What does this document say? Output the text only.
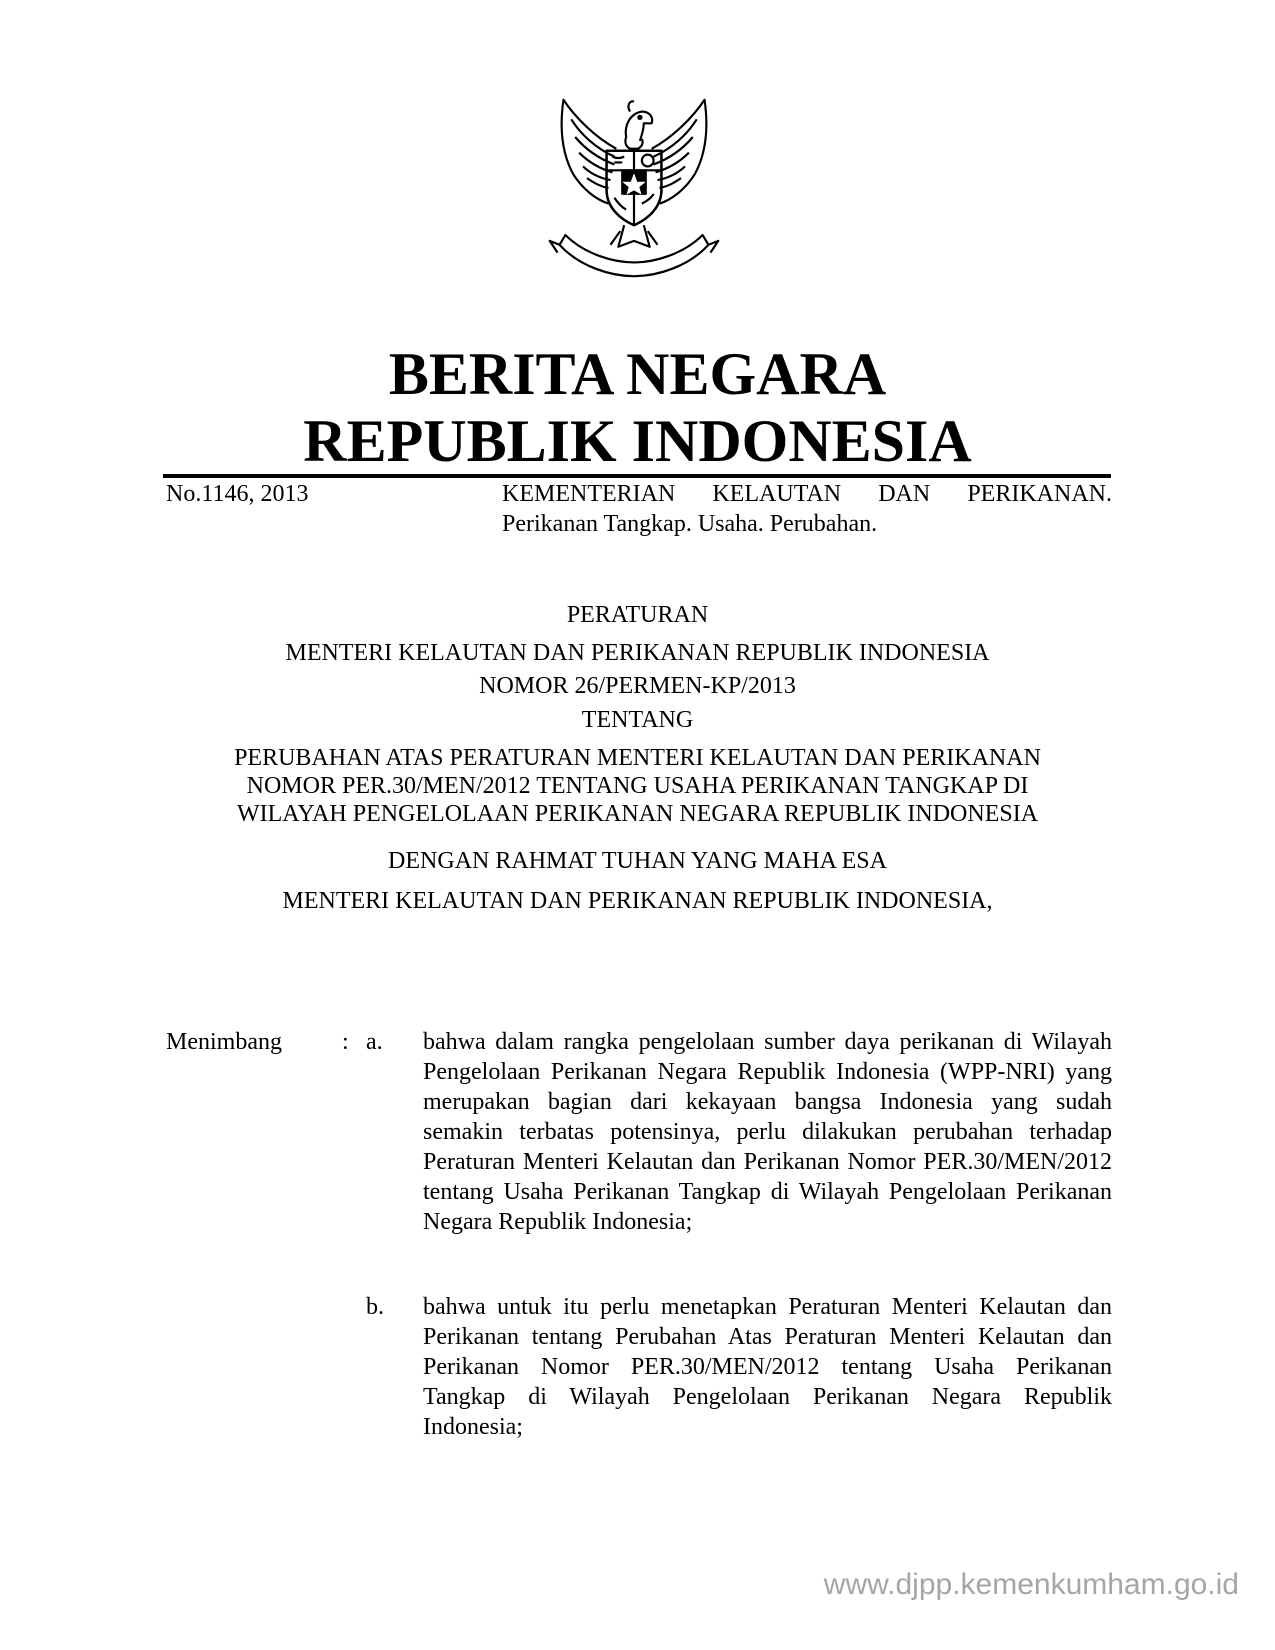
BERITA NEGARA
REPUBLIK INDONESIA
No.1146, 2013	KEMENTERIAN KELAUTAN DAN PERIKANAN.
Perikanan Tangkap. Usaha. Perubahan.
PERATURAN
MENTERI KELAUTAN DAN PERIKANAN REPUBLIK INDONESIA
NOMOR 26/PERMEN-KP/2013
TENTANG
PERUBAHAN ATAS PERATURAN MENTERI KELAUTAN DAN PERIKANAN
NOMOR PER.30/MEN/2012 TENTANG USAHA PERIKANAN TANGKAP DI
WILAYAH PENGELOLAAN PERIKANAN NEGARA REPUBLIK INDONESIA
DENGAN RAHMAT TUHAN YANG MAHA ESA
MENTERI KELAUTAN DAN PERIKANAN REPUBLIK INDONESIA,
Menimbang	: a. bahwa dalam rangka pengelolaan sumber daya perikanan di Wilayah Pengelolaan Perikanan Negara Republik Indonesia (WPP-NRI) yang merupakan bagian dari kekayaan bangsa Indonesia yang sudah semakin terbatas potensinya, perlu dilakukan perubahan terhadap Peraturan Menteri Kelautan dan Perikanan Nomor PER.30/MEN/2012 tentang Usaha Perikanan Tangkap di Wilayah Pengelolaan Perikanan Negara Republik Indonesia;
b. bahwa untuk itu perlu menetapkan Peraturan Menteri Kelautan dan Perikanan tentang Perubahan Atas Peraturan Menteri Kelautan dan Perikanan Nomor PER.30/MEN/2012 tentang Usaha Perikanan Tangkap di Wilayah Pengelolaan Perikanan Negara Republik Indonesia;
www.djpp.kemenkumham.go.id
